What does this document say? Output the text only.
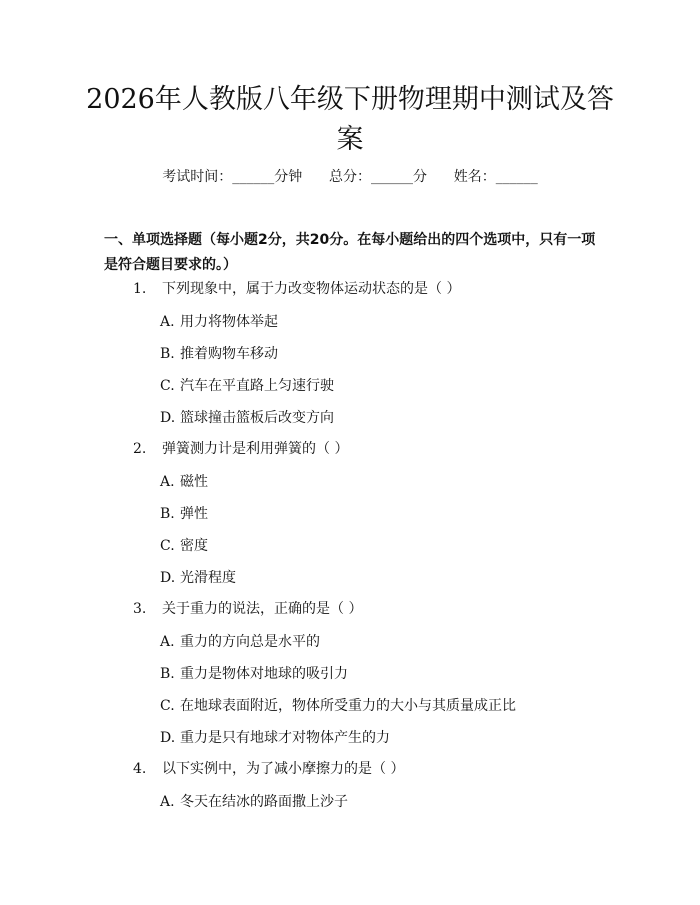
2026年人教版八年级下册物理期中测试及答
案
考试时间：______分钟      总分：______分      姓名：______
一、单项选择题（每小题2分，共20分。在每小题给出的四个选项中，只有一项是符合题目要求的。）
1. 下列现象中，属于力改变物体运动状态的是（ ）
A. 用力将物体举起
B. 推着购物车移动
C. 汽车在平直路上匀速行驶
D. 篮球撞击篮板后改变方向
2. 弹簧测力计是利用弹簧的（ ）
A. 磁性
B. 弹性
C. 密度
D. 光滑程度
3. 关于重力的说法，正确的是（ ）
A. 重力的方向总是水平的
B. 重力是物体对地球的吸引力
C. 在地球表面附近，物体所受重力的大小与其质量成正比
D. 重力是只有地球才对物体产生的力
4. 以下实例中，为了减小摩擦力的是（ ）
A. 冬天在结冰的路面撒上沙子
